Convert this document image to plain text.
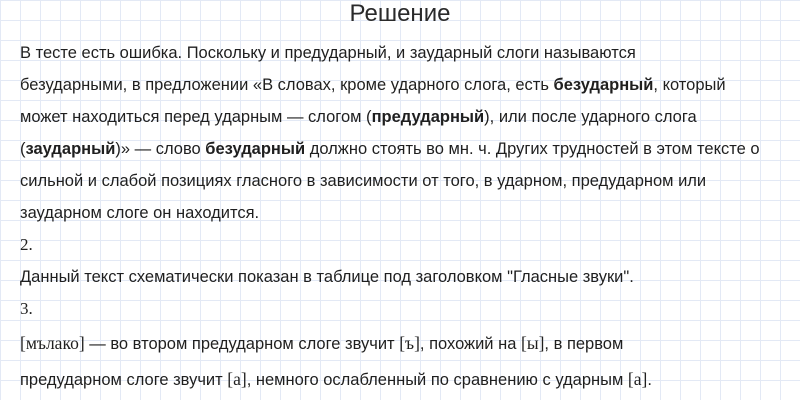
Решение
В тесте есть ошибка. Поскольку и предударный, и заударный слоги называются
безударными, в предложении «В словах, кроме ударного слога, есть безударный, который
может находиться перед ударным — слогом (предударный), или после ударного слога
(заударный)» — слово безударный должно стоять во мн. ч. Других трудностей в этом тексте о
сильной и слабой позициях гласного в зависимости от того, в ударном, предударном или
заударном слоге он находится.
2.
Данный текст схематически показан в таблице под заголовком "Гласные звуки".
3.
[мълако] — во втором предударном слоге звучит [ъ], похожий на [ы], в первом
предударном слоге звучит [а], немного ослабленный по сравнению с ударным [а].
